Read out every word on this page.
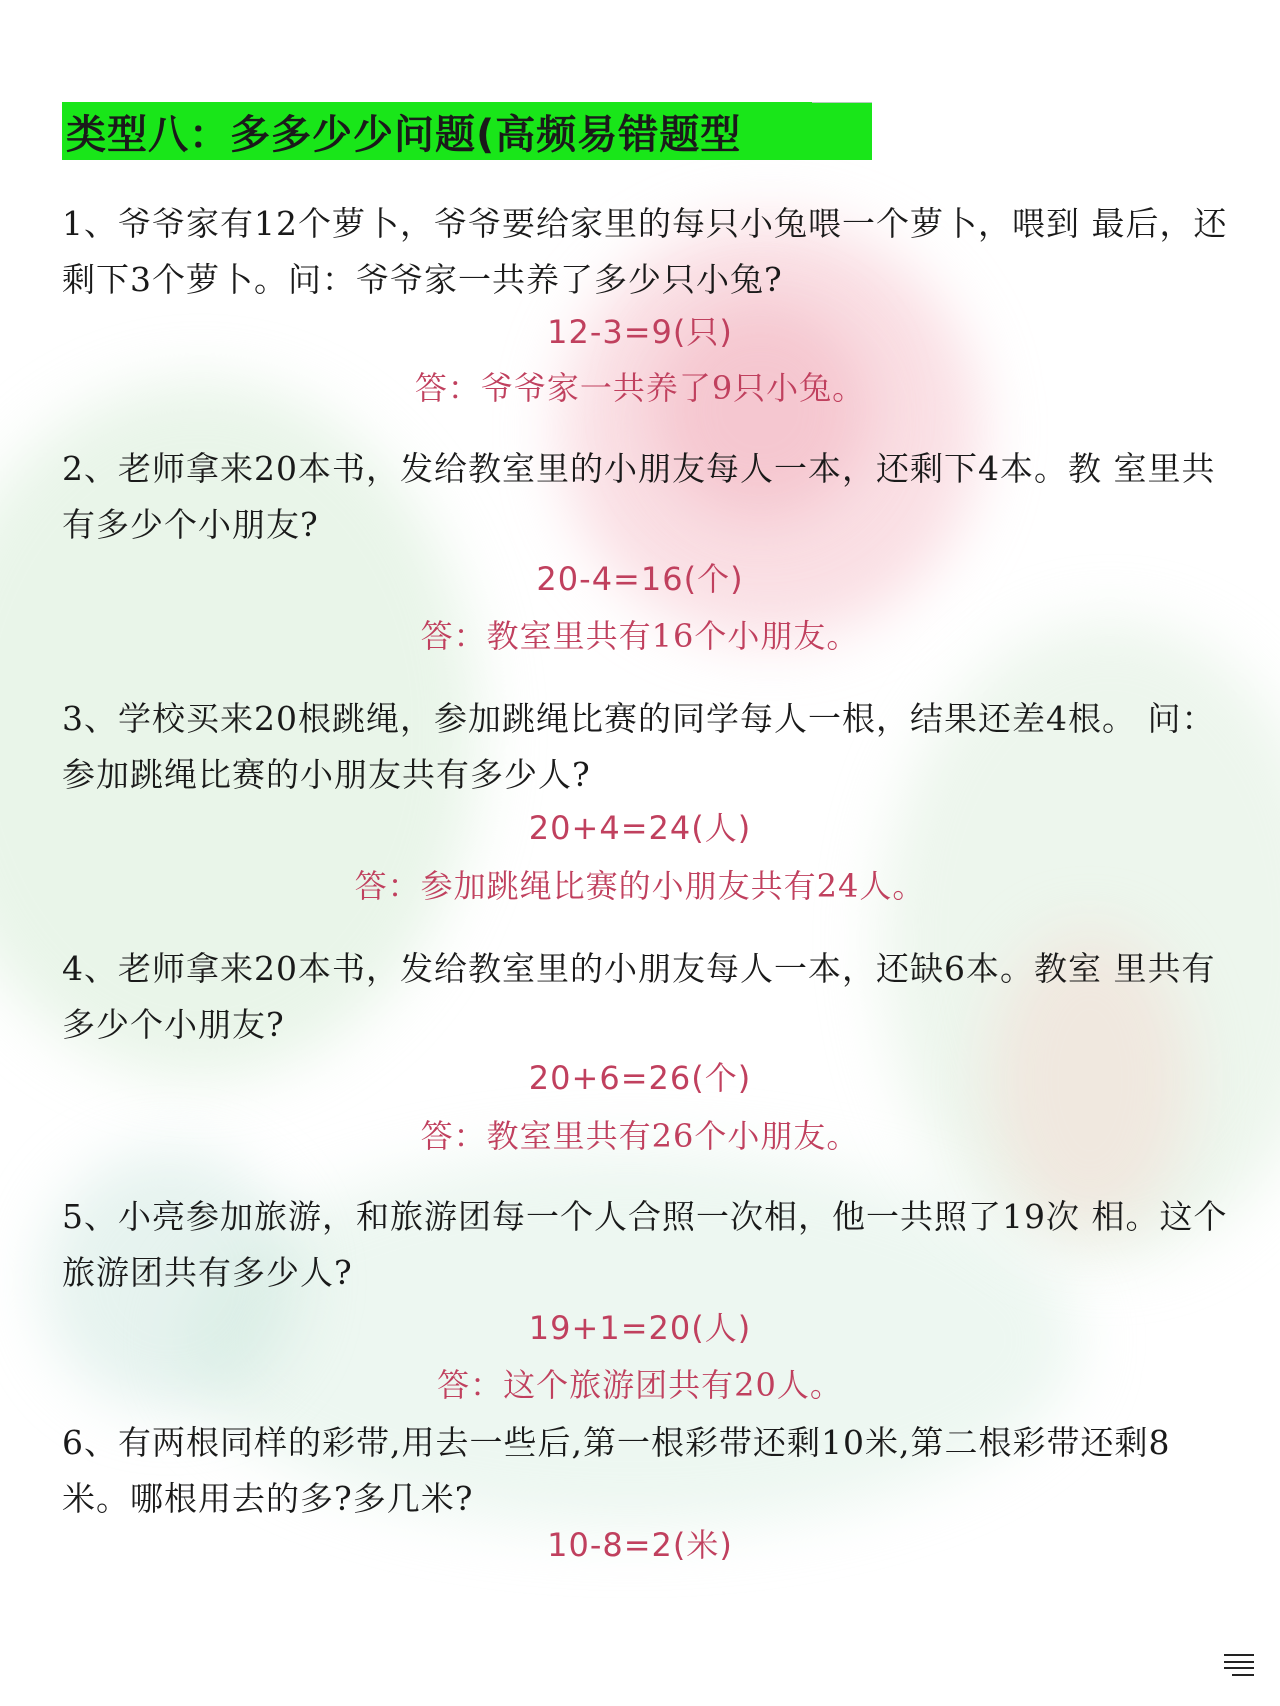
类型八：多多少少问题(高频易错题型
1、爷爷家有12个萝卜，爷爷要给家里的每只小兔喂一个萝卜，喂到 最后，还剩下3个萝卜。问：爷爷家一共养了多少只小兔?
12-3=9(只)
答：爷爷家一共养了9只小兔。
2、老师拿来20本书，发给教室里的小朋友每人一本，还剩下4本。教 室里共有多少个小朋友?
20-4=16(个)
答：教室里共有16个小朋友。
3、学校买来20根跳绳，参加跳绳比赛的同学每人一根，结果还差4根。 问：参加跳绳比赛的小朋友共有多少人?
20+4=24(人)
答：参加跳绳比赛的小朋友共有24人。
4、老师拿来20本书，发给教室里的小朋友每人一本，还缺6本。教室 里共有多少个小朋友?
20+6=26(个)
答：教室里共有26个小朋友。
5、小亮参加旅游，和旅游团每一个人合照一次相，他一共照了19次 相。这个旅游团共有多少人?
19+1=20(人)
答：这个旅游团共有20人。
6、有两根同样的彩带,用去一些后,第一根彩带还剩10米,第二根彩带还剩8米。哪根用去的多?多几米?
10-8=2(米)
